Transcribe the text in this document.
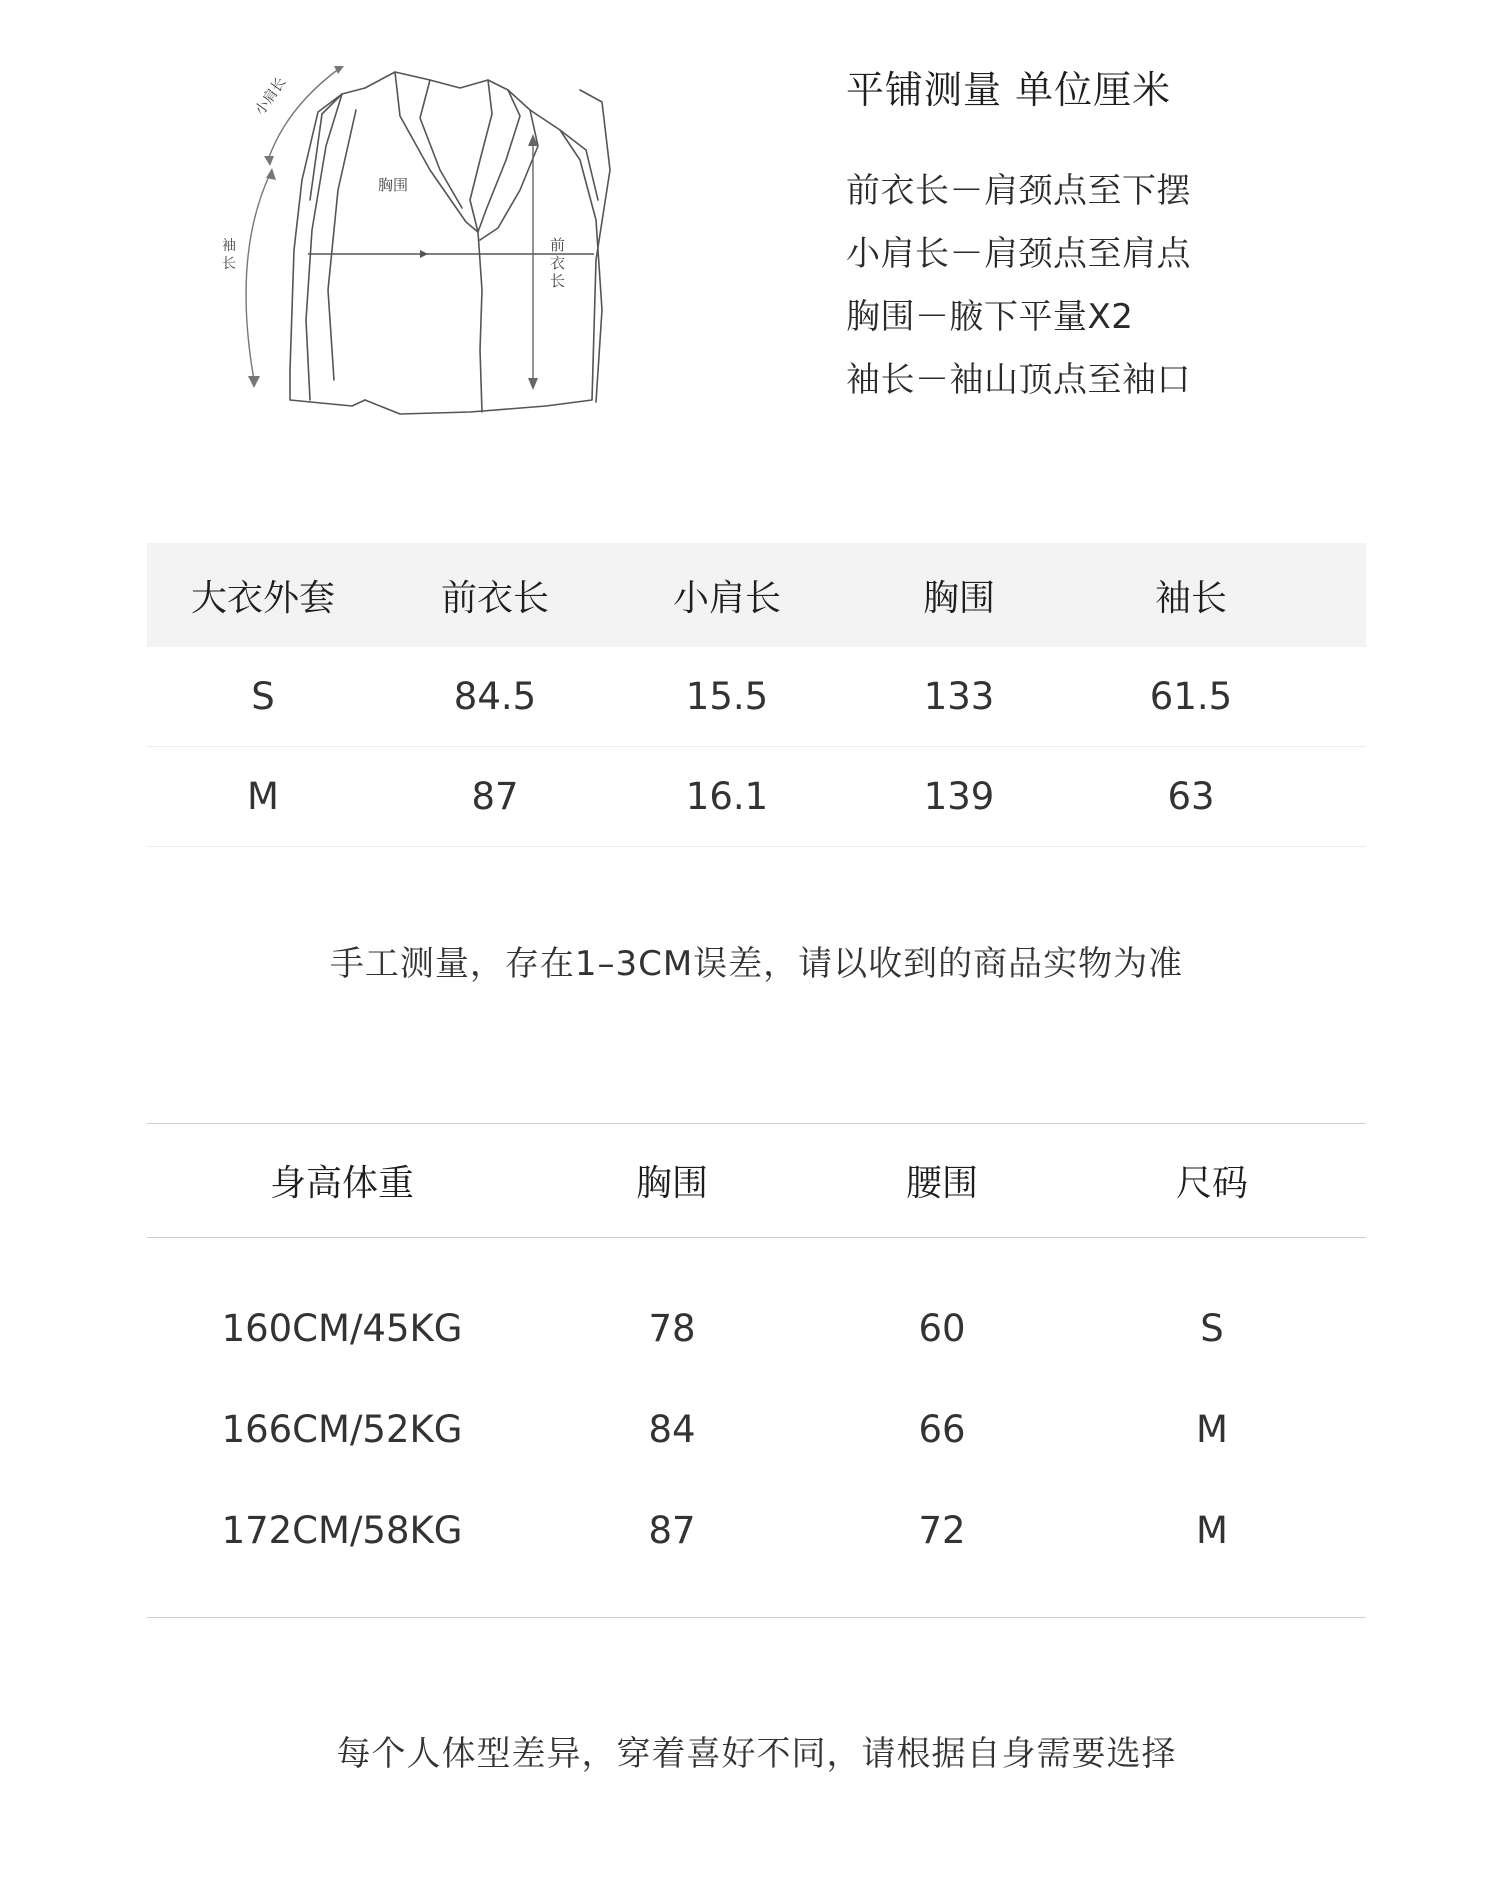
胸围
前
衣
长
小肩长
袖
长
平铺测量 单位厘米
前衣长－肩颈点至下摆
小肩长－肩颈点至肩点
胸围－腋下平量X2
袖长－袖山顶点至袖口
大衣外套	前衣长	小肩长	胸围	袖长
S	84.5	15.5	133	61.5
M	87	16.1	139	63
手工测量，存在1–3CM误差，请以收到的商品实物为准
身高体重	胸围	腰围	尺码
160CM/45KG	78	60	S
166CM/52KG	84	66	M
172CM/58KG	87	72	M
每个人体型差异，穿着喜好不同，请根据自身需要选择
